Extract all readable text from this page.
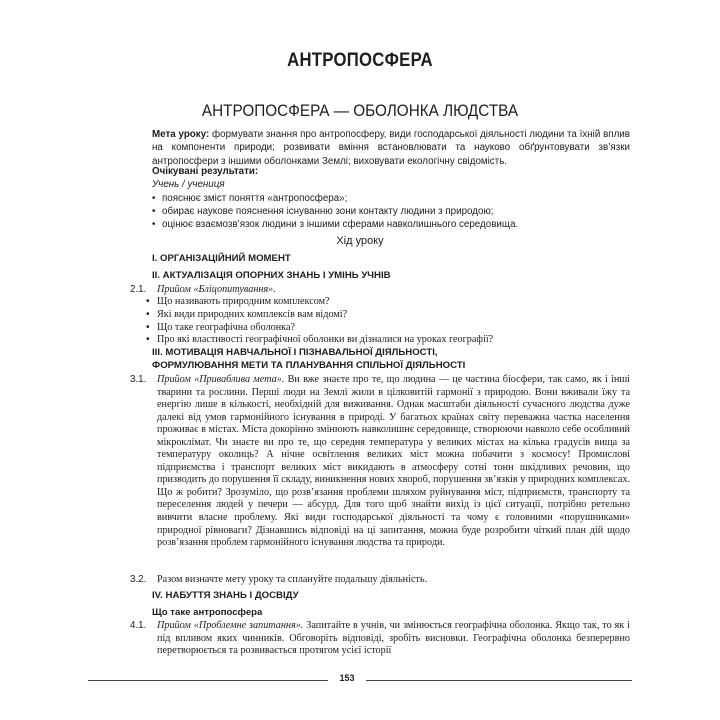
АНТРОПОСФЕРА
АНТРОПОСФЕРА — ОБОЛОНКА ЛЮДСТВА
Мета уроку: формувати знання про антропосферу, види господарської діяльності людини та їхній вплив на компоненти природи; розвивати вміння встановлювати та науково обґрунтовувати зв’язки антропосфери з іншими оболонками Землі; виховувати екологічну свідомість.
Очікувані результати:
Учень / учениця
• пояснює зміст поняття «антропосфера»;
• обирає наукове пояснення існуванню зони контакту людини з природою;
• оцінює взаємозв’язок людини з іншими сферами навколишнього середовища.
Хід уроку
І. ОРГАНІЗАЦІЙНИЙ МОМЕНТ
ІІ. АКТУАЛІЗАЦІЯ ОПОРНИХ ЗНАНЬ І УМІНЬ УЧНІВ
2.1. Прийом «Бліцопитування».
• Що називають природним комплексом?
• Які види природних комплексів вам відомі?
• Що таке географічна оболонка?
• Про які властивості географічної оболонки ви дізналися на уроках географії?
ІІІ. МОТИВАЦІЯ НАВЧАЛЬНОЇ І ПІЗНАВАЛЬНОЇ ДІЯЛЬНОСТІ,
ФОРМУЛЮВАННЯ МЕТИ ТА ПЛАНУВАННЯ СПІЛЬНОЇ ДІЯЛЬНОСТІ
3.1. Прийом «Приваблива мета». Ви вже знаєте про те, що людина — це частина біосфери, так само, як і інші тварини та рослини. Перші люди на Землі жили в цілковитій гармонії з природою. Вони вживали їжу та енергію лише в кількості, необхідній для виживання. Однак масштаби діяльності сучасного людства дуже далекі від умов гармонійного існування в природі. У багатьох країнах світу переважна частка населення проживає в містах. Міста докорінно змінюють навколишнє середовище, створюючи навколо себе особливий мікроклімат. Чи знаєте ви про те, що середня температура у великих містах на кілька градусів вища за температуру околиць? А нічне освітлення великих міст можна побачити з космосу! Промислові підприємства і транспорт великих міст викидають в атмосферу сотні тонн шкідливих речовин, що призводить до порушення її складу, виникнення нових хвороб, порушення зв’язків у природних комплексах. Що ж робити? Зрозуміло, що розв’язання проблеми шляхом руйнування міст, підприємств, транспорту та переселення людей у печери — абсурд. Для того щоб знайти вихід із цієї ситуації, потрібно ретельно вивчити власне проблему. Які види господарської діяльності та чому є головними «порушниками» природної рівноваги? Дізнавшись відповіді на ці запитання, можна буде розробити чіткий план дій щодо розв’язання проблем гармонійного існування людства та природи.
3.2. Разом визначте мету уроку та сплануйте подальшу діяльність.
ІV. НАБУТТЯ ЗНАНЬ І ДОСВІДУ
Що таке антропосфера
4.1. Прийом «Проблемне запитання». Запитайте в учнів, чи змінюється географічна оболонка. Якщо так, то як і під впливом яких чинників. Обговоріть відповіді, зробіть висновки. Географічна оболонка безперервно перетворюється та розвивається протягом усієї історії
153
